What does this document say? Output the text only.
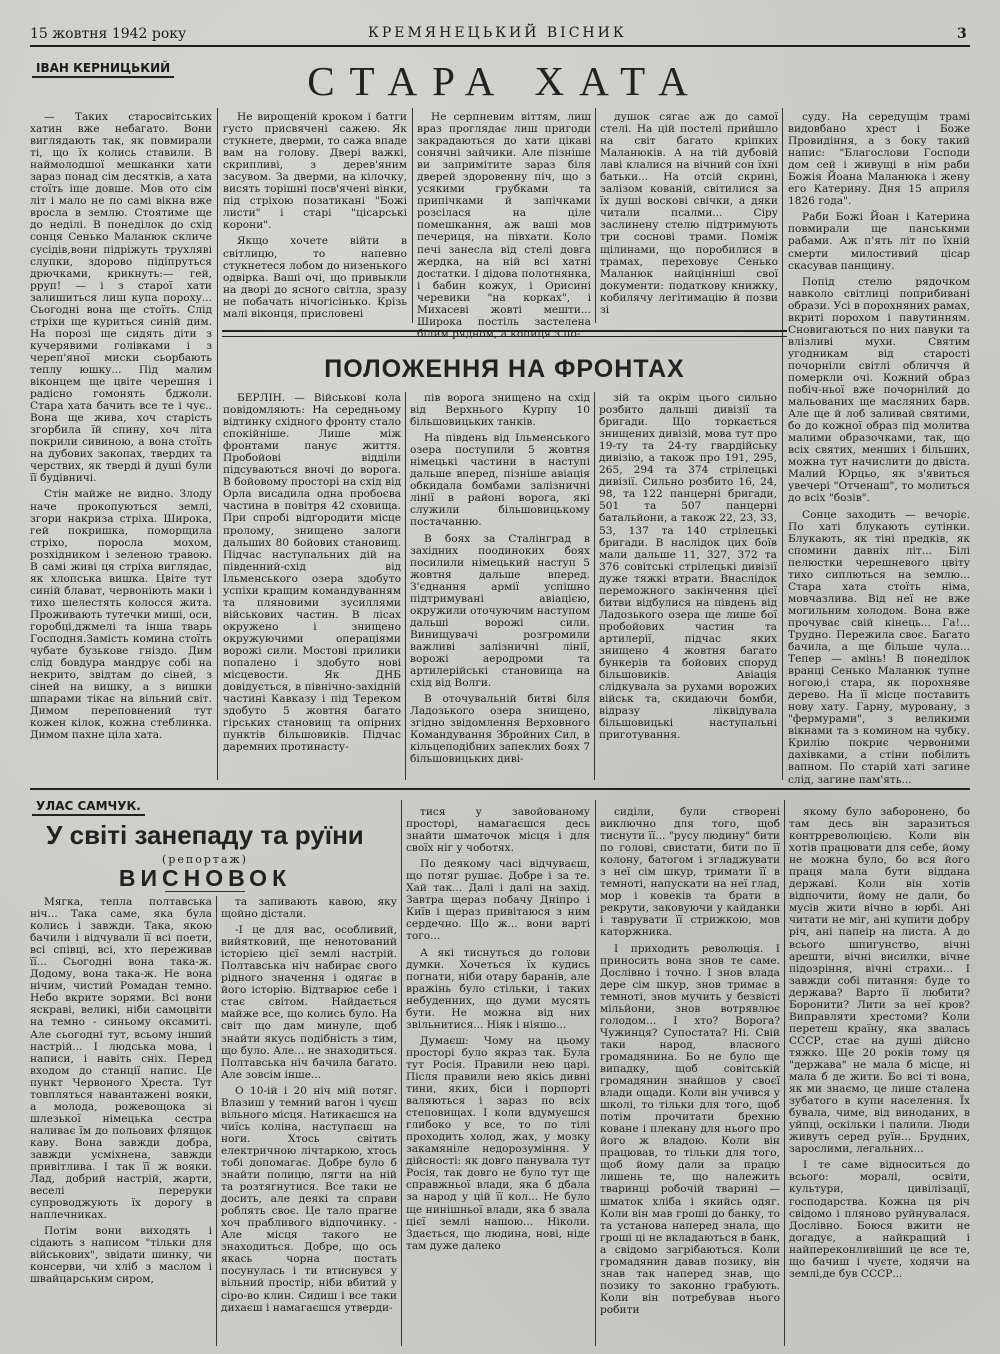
15 жовтня 1942 року	КРЕМЯНЕЦЬКИЙ ВІСНИК	3
ІВАН КЕРНИЦЬКИЙ	СТАРА ХАТА

— Таких старосвітських хатин вже небагато. Вони виглядають так, як повмирали ті, що їх колись ставили. В наймолодшої мешканки хати зараз понад сім десятків, а хата стоїть іще довше. Мов ото сім літ і мало не по самі вікна вже вросла в землю. Стоятиме ще до неділі. В понеділок до схід сонця Сенько Маланюк скличе сусідів,вони підріжуть трухляві слупки, здорово підіпруться дрючками, крикнуть:— гей, рруп! — і з старої хати залишиться лиш купа пороху... Сьогодні вона ще стоїть. Слід стріхи ще куриться синій дим. На порозі ще сидять діти з кучерявими голівками і з череп'яної миски сьорбають теплу юшку... Під малим віконцем ще цвіте черешня і радісно гомонять бджоли. Стара хата бачить все те і чує.. Вона ще жива, хоч старість згорбила їй спину, хоч літа покрили сивиною, а вона стоїть на дубових закопах, твердих та черствих, як тверді й душі були її будівничі.

Стін майже не видно. Злоду наче прокопуються землі, згори накриза стріха. Широка, гей покришка, поморщила стріхо, поросла мохом, розхідником і зеленою травою. В самі живі ця стріха виглядає, як хлопська вишка. Цвіте тут синій блават, червоніють маки і тихо шелестять колосся жита. Проживають тутечки миші, оси, горобці,джмелі та інша тварь Господня.Замість комина стоїть чубате бузькове гніздо. Дим слід бовдура мандрує собі на некрито, звідтам до сіней, з сіней на вишку, а з вишки шпарами тікає на вільний світ. Димом переповнений тут кожен кілок, кожна стеблинка. Димом пахне ціла хата.

Не вирощеній кроком і батги густо присвячені сажею. Як стукнете, дверми, то сажа впаде вам на голову. Двері важкі, скрипливі, з дерев'яним засувом. За дверми, на кілочку, висять торішні посв'ячені вінки, під стріхою позатикані "Божі листи" і старі "цісарські корони".

Якщо хочете війти в світлицю, то напевно стукнетеся лобом до низенького одвірка. Ваші очі, що привыкли на дворі до ясного світла, зразу не побачать нічогісінько. Крізь малі віконця, присловені

Не серпневим віттям, лиш враз проглядає лиш пригоди закрадаються до хати цікаві сонячні зайчики. Але пізніше ви запримітите зараз біля дверей здоровенну піч, що з усякими грубками та припічками й запічками розсілася на ціле помешкання, аж ваші мов печериця, на півхати. Коло печі занесла від стелі довга жердка, на ній всі хатні достатки. І дідова полотнянка, і бабин кожух, і Орисині черевики "на корках", і Михасеві жовті мешти... Широка постіль застелена білим рядном, а копиця з по-

душок сягає аж до самої стелі. На цій постелі прийшло на світ багато кріпких Маланюків. А на тій дубовій лаві клалися на вічний сон їхні батьки... На отсій скрині, залізом кованій, світилися за їх душі воскові свічки, а дяки читали псалми... Сіру заслинену стелю підтримують три соснові трами. Поміж щілинами, що поробилися в трамах, переховує Сенько Маланюк найцінніші свої документи: податкову книжку, кобилячу легітимацію й позви зі

суду. На середущім трамі видовбано хрест і Боже Провидіння, а з боку такий напис: "Благослови Господи дом сей і живущі в нім раби Божія Йоана Маланюка і жену его Катерину. Дня 15 априля 1826 года".

Раби Божі Йоан і Катерина повмирали ще панськими рабами. Аж п'ять літ по їхній смерти милостивий цісар скасував панщину.

Попід стелю рядочком навколо світлиці поприбивані образи. Усі в порохняних рамах, вкриті порохом і павутинням. Сновигаються по них павуки та влізливі мухи. Святим угодникам від старості почорніли світлі обличчя й померкли очі. Кожний образ побіч-ньої вже почорнілий до мальованих ще масляних барв. Але ще й лоб заливай святими, бо до кожної образ під молитва малими образочками, так, що всіх святих, менших і більших, можна тут начислити до двіста. Малий Юрцьо, як з'явиться увечері "Отченаш", то молиться до всіх "бозів".

Сонце заходить — вечоріє. По хаті блукають сутінки. Блукають, як тіні предків, як спомини давніх літ... Білі пелюстки черешневого цвіту тихо сиплються на землю... Стара хата стоїть німа, мовчазлива. Від неї не вже могильним холодом. Вона вже прочуває свій кінець... Га!... Трудно. Пережила своє. Багато бачила, а ще більше чула... Тепер — амінь! В понеділок вранці Сенько Маланюк тупне ногою,і стара, як порохняве дерево. На її місце поставить нову хату. Гарну, муровану, з "фермурами", з великими вікнами та з комином на чубку. Крилію покриє червоними дахівками, а стіни побілить вапном. По старій хаті загине слід, загине пам'ять...

ПОЛОЖЕННЯ НА ФРОНТАХ

БЕРЛІН. — Військові кола повідомляють: На середньому відтинку східного фронту стало спокійніше. Лише між фронтами панує життя. Пробойові відділи підсуваються вночі до ворога. В бойовому просторі на схід від Орла висадила одна пробоєва частина в повітря 42 сховища. При спробі відгородити місце пролому, знищено залоги дальших 80 бойових становищ. Підчас наступальних дій на південний-схід від Ільменського озера здобуто успіхи кращим командуванням та пляновими зусиллями військових частин. В лісах окружено і знищено окружуючими операціями ворожі сили. Мостові прилики попалено і здобуто нові місцевости. Як ДНБ довідується, в північно-західній частині Кавказу і під Тереком здобуто 5 жовтня багато гірських становищ та опірних пунктів більшовиків. Підчас даремних протинасту-

пів ворога знищено на схід від Верхнього Курпу 10 більшовицьких танків.

На південь від Ільменського озера поступили 5 жовтня німецькі частини в наступі дальше вперед, пізніше авіація обкидала бомбами залізничні лінії в районі ворога, які служили більшовицькому постачанню.

В боях за Сталінград в західних поодиноких боях посилили німецький наступ 5 жовтня дальше вперед. З'єднання армії успішно підтримувані авіацією, окружили оточуючим наступом дальші ворожі сили. Винищувачі розгромили важливі залізничні лінії, ворожі аеродроми та артилерійські становища на схід від Волги.

В оточувальній битві біля Ладозького озера знищено, згідно звідомлення Верховного Командування Збройних Сил, в кільцеподібних запеклих боях 7 більшовицьких диві-

зій та окрім цього сильно розбито дальші дивізії та бригади. Що торкається знищених дивізій, мова тут про 19-ту та 24-ту гвардійську дивізію, а також про 191, 295, 265, 294 та 374 стрілецькі дивізії. Сильно розбито 16, 24, 98, та 122 панцерні бригади, 501 та 507 панцерні батальйони, а також 22, 23, 33, 53, 137 та 140 стрілецькі бригади. В наслідок цих боїв мали дальше 11, 327, 372 та 376 совітські стрілецькі дивізії дуже тяжкі втрати. Внаслідок переможного закінчення цієї битви відбулися на південь від Ладозького озера ще лише бої пробойових частин та артилерії, підчас яких знищено 4 жовтня багато бункерів та бойових споруд більшовиків. Авіація слідкувала за рухами ворожих військ та, скидаючи бомби, відразу ліквідувала більшовицькі наступальні приготування.

УЛАС САМЧУК.
У світі занепаду та руїни
(репортаж)
ВИСНОВОК

Мягка, тепла полтавська ніч... Така саме, яка була колись і завжди. Така, якою бачили і відчували її всі поети, всі співці, всі, хто переживав її... Сьогодні вона така-ж. Додому, вона така-ж. Не вона нічим, чистий Ромадан темно. Небо вкрите зорями. Всі вони яскраві, великі, ніби самоцвіти на темно - синьому оксамиті. Але сьогодні тут, всьому інший настрій... І людська мова, і написи, і навіть сніх. Перед входом до станції напис. Це пункт Червоного Хреста. Тут товпляться навантажені вояки, а молода, рожевощока зі шлезької німецька сестра наливає їм до польових флящок каву. Вона завжди добра, завжди усміхнена, завжди привітлива. І так її ж вояки. Лад, добрий настрій, жарти, веселі переруки супроводжують їх дорогу в наплечниках.

Потім вони виходять і сідають з написом "тільки для військових", звідати шинку, чи консерви, чи хліб з маслом і швайцарським сиром,

та запивають кавою, яку щойно дістали.

-І це для вас, особливий, вийятковий, ще ненотований історією цієї землі настрій. Полтавська ніч набирає свого рідного значення і одягає в його історію. Відтварює себе і стає світом. Найдається майже все, що колись було. На світ що дам минуле, щоб знайти якусь подібність з тим, що було. Але... не знаходиться. Полтавська ніч бачила багато. Але зовсім інше...

О 10-ій і 20 ніч мій потяг. Влазиш у темний вагон і чуєш вільного місця. Натикаєшся на чиїсь коліна, наступаєш на ноги. Хтось світить електричною лічтаркою, хтось тобі допомагає. Добре було б знайти полицю, лягти на ній та розтягнутися. Все таки не досить, але деякі та справи роблять своє. Це тало прагне хоч прабливого відпочинку. - Але місця такого не знаходиться. Добре, що ось якась чорна постать посунулась і ти втиснувся у вільний простір, ніби вбитий у сіро-во клин. Сидиш і все таки дихаєш і намагаєшся утверди-

тися у завойованому просторі, намагаєшся десь знайти шматочок місця і для своїх ніг у чоботях.

По деякому часі відчуваєш, що потяг рушає. Добре і за те. Хай так... Далі і далі на захід. Завтра щераз побачу Дніпро і Київ і щераз привітаюся з ним сердечно. Що ж... вони варті того...

А які тиснуться до голови думки. Хочеться їх кудись погнати, ніби отару баранів, але вражінь було стільки, і таких небуденних, що думи мусять бути. Не можна від них звільнитися... Ніяк і ніяшо...

Думаєш: Чому на цьому просторі було якраз так. Була тут Росія. Правили нею царі. Після правили нею якісь дивні тини, яких, біси і порпорті валяються і зараз по всіх степовищах. І коли вдумуєшся глибоко у все, то по тілі проходить холод, жах, у мозку закамяніле недорозуміння. У дійсності: як довго панувала тут Росія, так довго не було тут ще справжньої влади, яка б дбала за народ у цій її кол... Не було ще нинішньої влади, яка б звала цієї землі нашою... Ніколи. Здається, що людина, нові, ніде там дуже далеко

сиділи, були створені виключно для того, щоб тиснути її... "русу людину" бити по голові, свистати, бити по її колону, батогом і згладжувати з неї сім шкур, тримати її в темноті, напускати на неї глад, мор і ковеків та брати в рекрути, заковуючи у кайданки і таврувати її стрижкою, мов каторжника.

І приходить революція. І приносить вона знов те саме. Дослівно і точно. І знов влада дере сім шкур, знов тримає в темноті, знов мучить у безвісті мільйони, знов вотрявлює голодом... І хто? Ворога? Чужинця? Супостата? Ні. Свій таки народ, власного громадянина. Бо не було ще випадку, щоб совітській громадянин знайшов у своєї влади ощади. Коли він учився у школі, то тільки для того, щоб потім прочитати брехню коване і плекану для нього про його ж владою. Коли він працював, то тільки для того, щоб йому дали за працю лишень те, що належить тваринці робочій тварині — шматок хліба і якийсь одяг. Коли він мав гроші до банку, то та установа наперед знала, що гроші ці не вкладаються в банк, а свідомо загрібаються. Коли громадянин давав позику, він знав так наперед знав, що позику то законно грабують. Коли він потребував нього робити

якому було заборонено, бо там десь він заразиться контрреволюцією. Коли він хотів працювати для себе, йому не можна було, бо вся його праця мала бути віддана державі. Коли він хотів відпочити, йому не дали, бо мусів жити вічно в юрбі. Ані читати не міг, ані купити добру річ, ані папеір на листа. А до всього шпигунство, вічні арешти, вічні висилки, вічне підозріння, вічні страхи... І завжди собі питання: буде то держава? Варто її любити? Боронити? Лити за неї кров? Виправляти хрестоми? Коли перетеш країну, яка звалась СССР, стає на душі дійсно тяжко. Ще 20 років тому ця "держава" не мала б місце, ні мала б де жити. Бо всі ті вона, як ми знаємо, це лише сталена зубатого в купи населення. Їх бувала, чиме, від виноданих, в уйпці, оскільки і палили. Люди живуть серед руїн... Брудних, зарослими, легальних...

І те саме відноситься до всього: моралі, освіти, культури, цивілізації, господарства. Кожна ця річ свідомо і пляново руйнувалася. Дослівно. Боюся вжити не догадує, а найкращий і найпереконливіший це все те, що бачиш і чуєте, ходячи на землі,де був СССР...
